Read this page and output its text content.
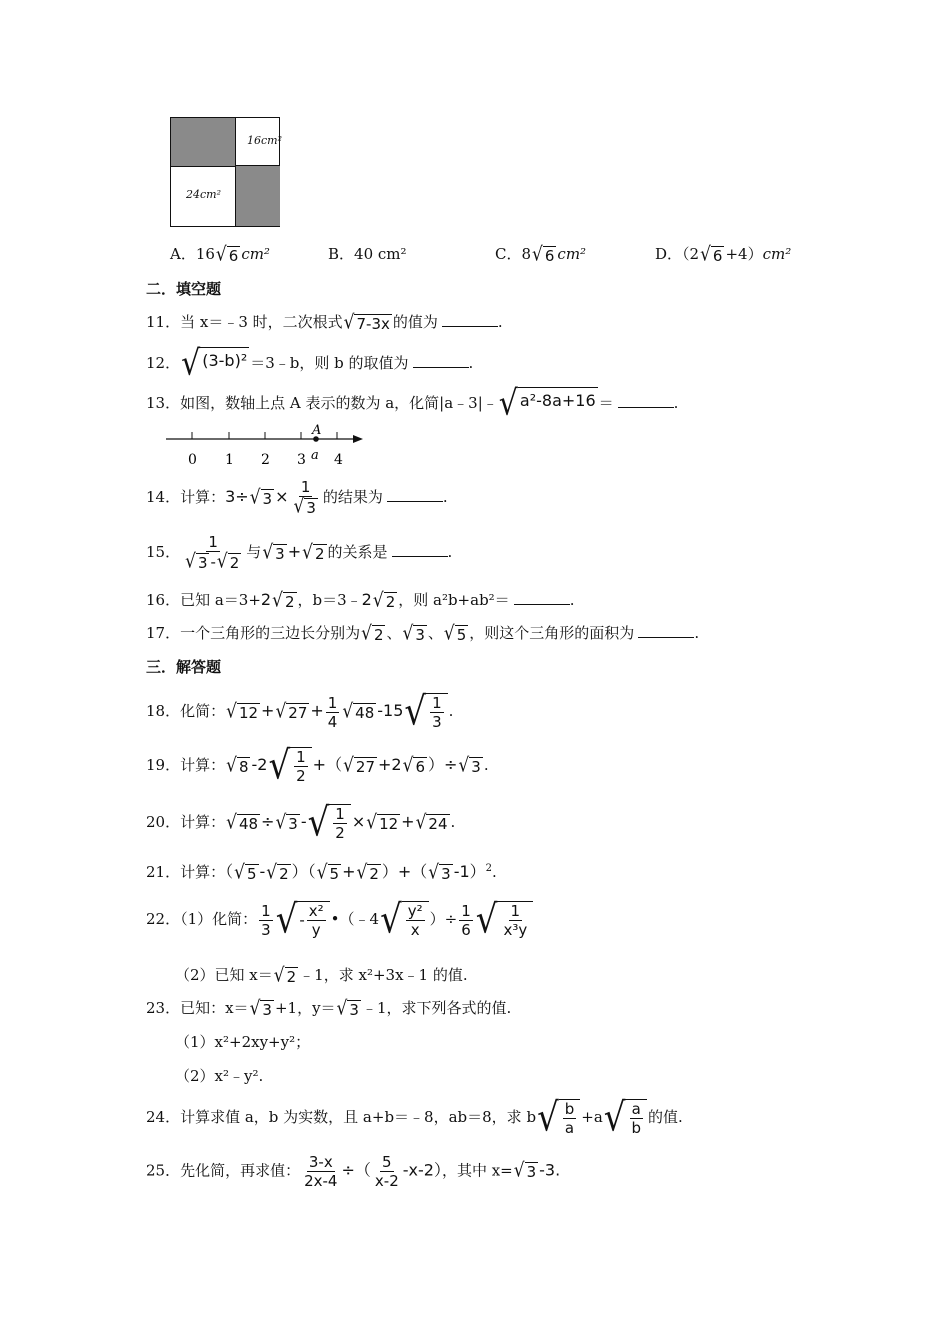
16cm²
24cm²
A．16 √ 6 cm²	B．40 cm²	C．8 √ 6 cm²	D．（2 √ 6 +4）cm²
二．填空题
11．当 x＝﹣3 时，二次根式 √ 7-3x 的值为	.
12． √ (3-b)² ＝3﹣b，则 b 的取值为	.
13．如图，数轴上点 A 表示的数为 a，化简|a﹣3|﹣ √ a²-8a+16 ＝	.
0 1 2 3 4
A
a
14．计算：3÷ √ $3 \times \frac{1}{√ 3}$ 的结果为	.
15． $\frac{1}{√ 3 - √ 2}$ 与 √ 3 + √ 2 的关系是	.
16．已知 a＝3+2 √ 2 ，b＝3﹣2 √ 2 ，则 a²b+ab²＝	.
17．一个三角形的三边长分别为 √ 2 、 √ 3 、 √ 5 ，则这个三角形的面积为	.
三．解答题
18．化简： √ 12 + √ $27 + \frac{1}{4}$ √ 48 -15 √ $\frac{1}{3}$ .
19．计算： √ 8 -2 √ $\frac{1}{2}$ +（ √ 27 +2 √ 6 ）÷ √ 3 .
20．计算： √ 48 ÷ √ 3 - √ $\frac{1}{2}$ × √ 12 + √ 24 .
21．计算：（ √ 5 - √ 2 ）（ √ 5 + √ 2 ）+（ √ 3 -1）$^2$.
22．（1）化简： $\frac{1}{3}$ √ - $\frac{\text{x²}}{y}$ •（﹣4 √ $\frac{\text{y²}}{x}$ ）÷ $\frac{1}{6}$ √ $\frac{1}{\text{x³y}}$
（2）已知 x＝ √ 2 ﹣1，求 x²+3x﹣1 的值.
23．已知：x＝ √ 3 +1，y＝ √ 3 ﹣1，求下列各式的值.
（1）x²+2xy+y²；
（2）x²﹣y².
24．计算求值 a，b 为实数，且 a+b＝﹣8，ab＝8，求 b √ $\frac{b}{a} +a$ √ $\frac{a}{b}$ 的值.
25．先化简，再求值： $\frac{3-x}{2x-4}$ ÷（ $\frac{5}{x-2} -x-2$），其中 x= √ 3 -3.
